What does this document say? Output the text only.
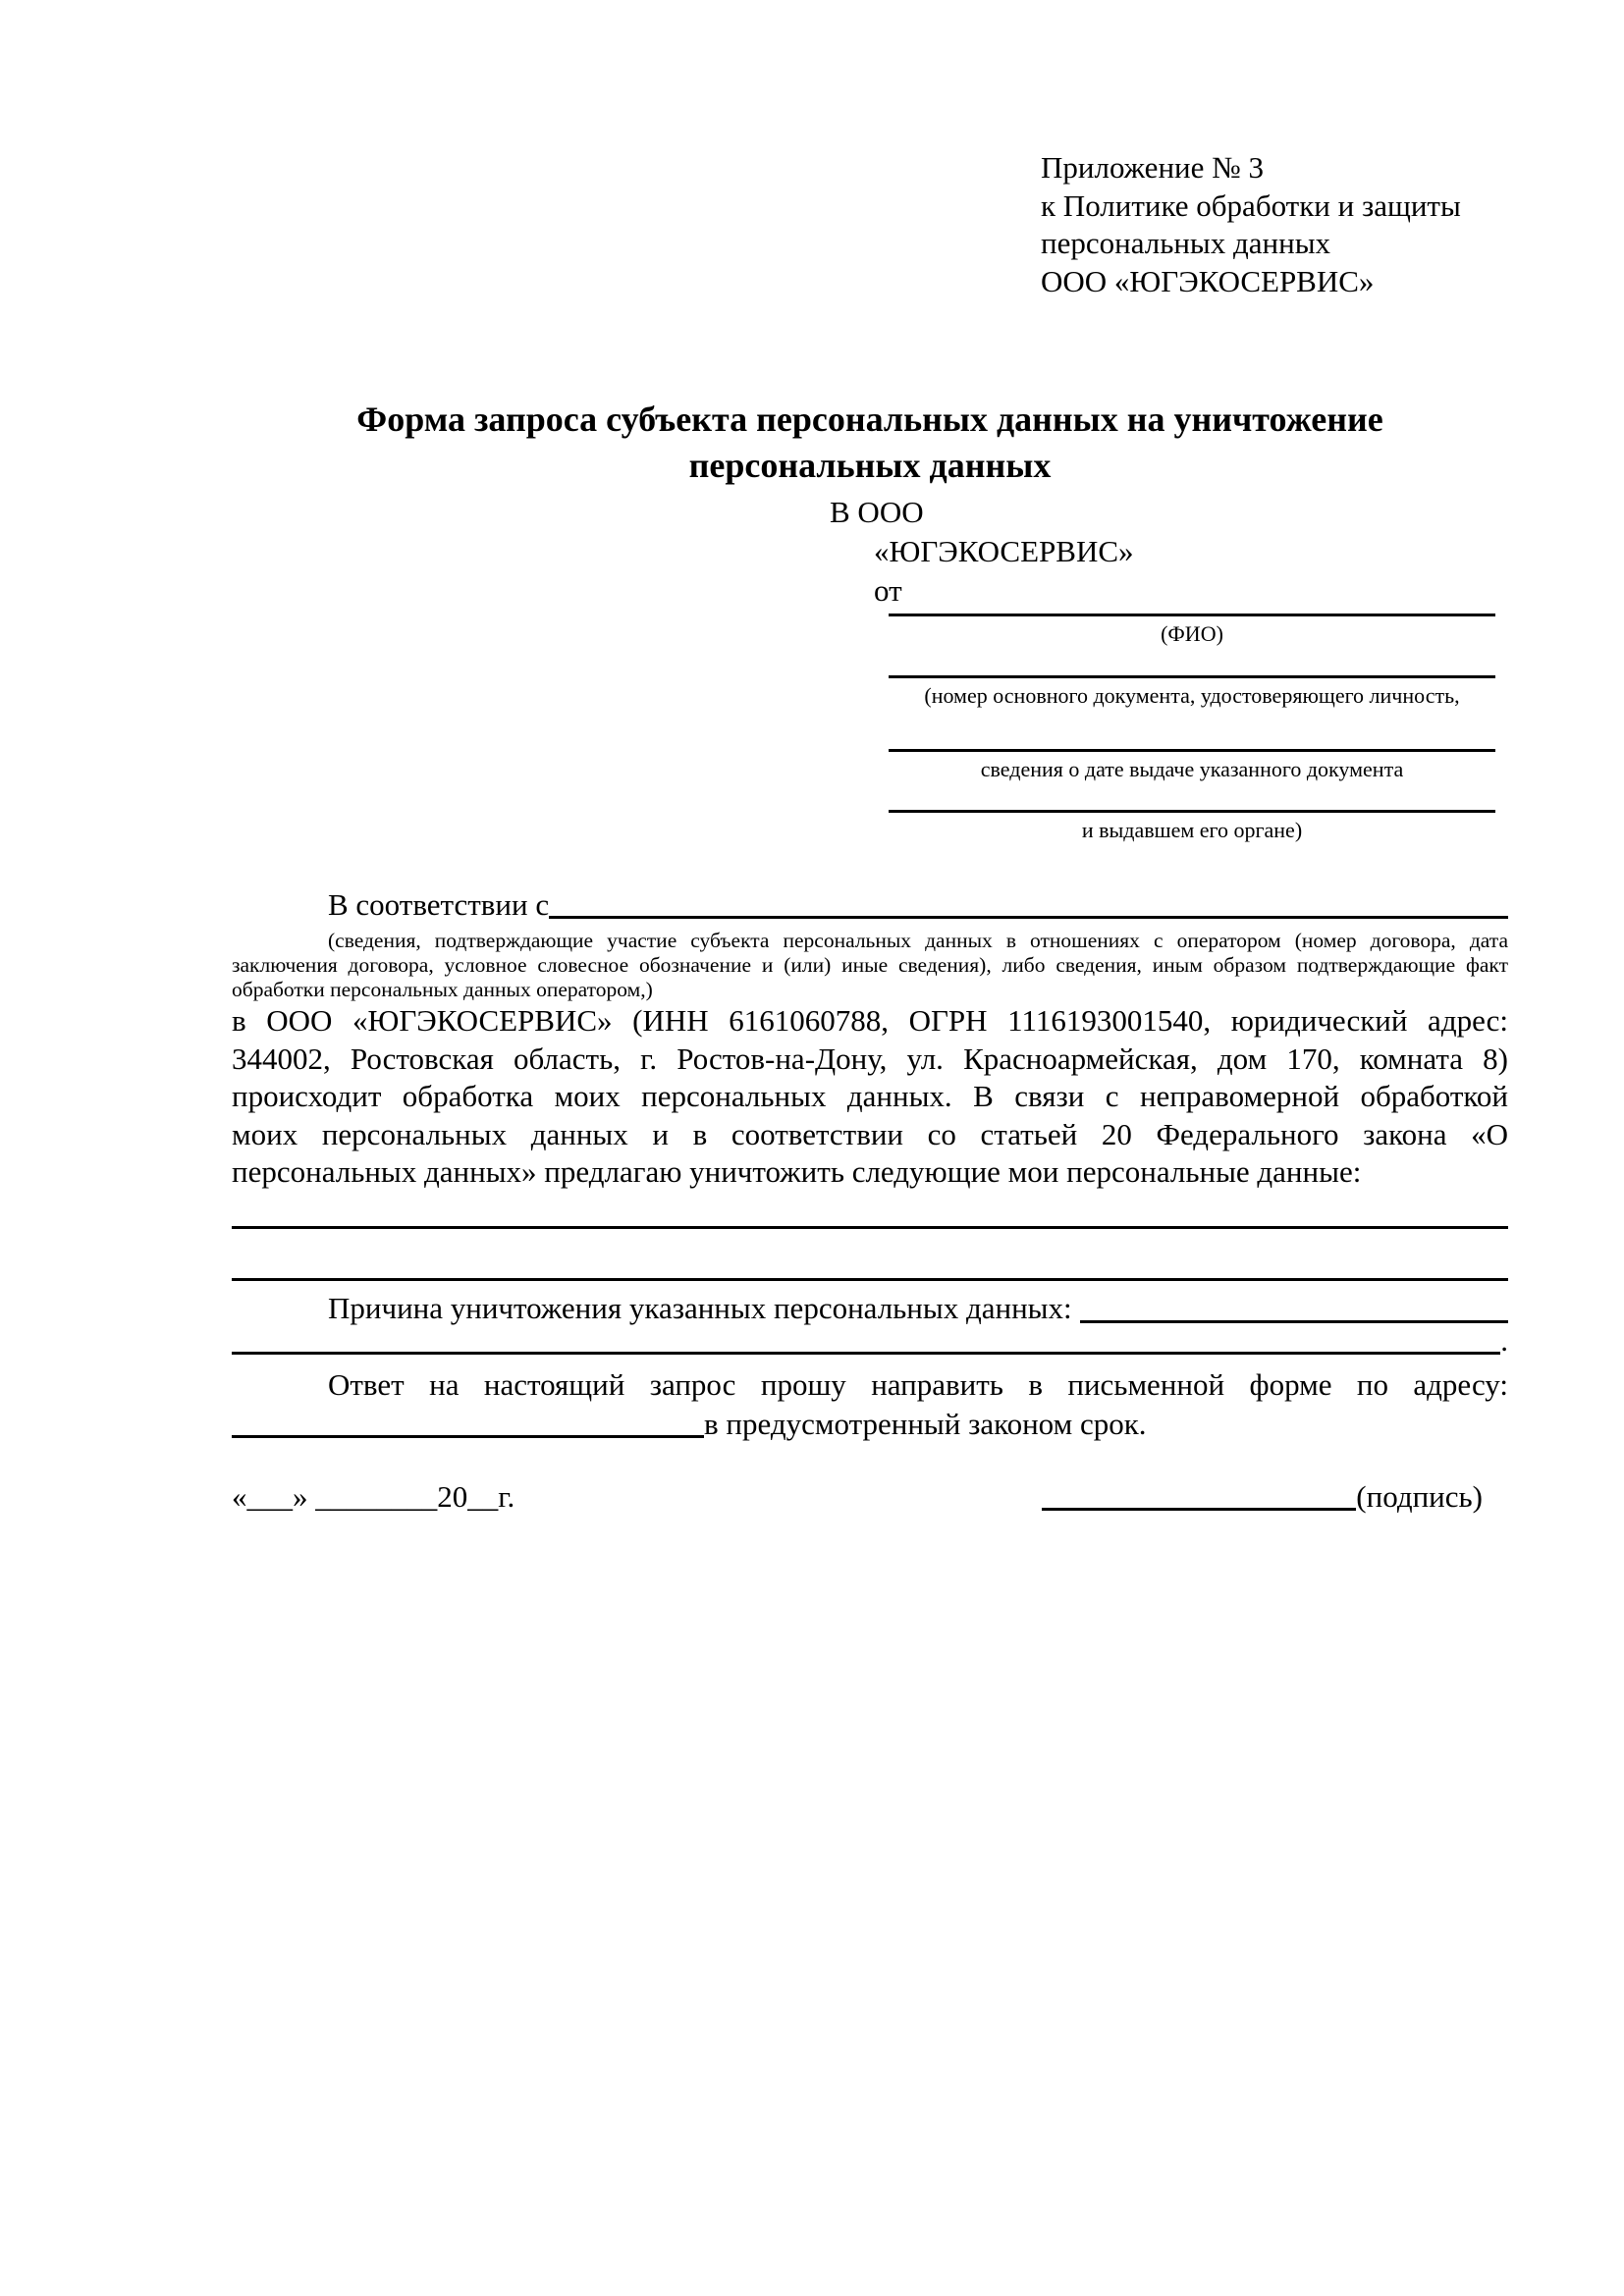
Приложение № 3
к Политике обработки и защиты
персональных данных
ООО «ЮГЭКОСЕРВИС»
Форма запроса субъекта персональных данных на уничтожение
персональных данных
В ООО
«ЮГЭКОСЕРВИС»
от
(ФИО)
(номер основного документа, удостоверяющего личность,
сведения о дате выдаче указанного документа
и выдавшем его органе)
В соответствии с
(сведения, подтверждающие участие субъекта персональных данных в отношениях с оператором (номер договора, дата
заключения договора, условное словесное обозначение и (или) иные сведения), либо сведения, иным образом подтверждающие факт
обработки персональных данных оператором,)
в ООО «ЮГЭКОСЕРВИС» (ИНН 6161060788, ОГРН 1116193001540, юридический адрес:
344002, Ростовская область, г. Ростов-на-Дону, ул. Красноармейская, дом 170, комната 8)
происходит обработка моих персональных данных. В связи с неправомерной обработкой
моих персональных данных и в соответствии со статьей 20 Федерального закона «О
персональных данных» предлагаю уничтожить следующие мои персональные данные:
Причина уничтожения указанных персональных данных:
.
Ответ на настоящий запрос прошу направить в письменной форме по адресу:
в предусмотренный законом срок.
«___» ________20__г.	(подпись)
